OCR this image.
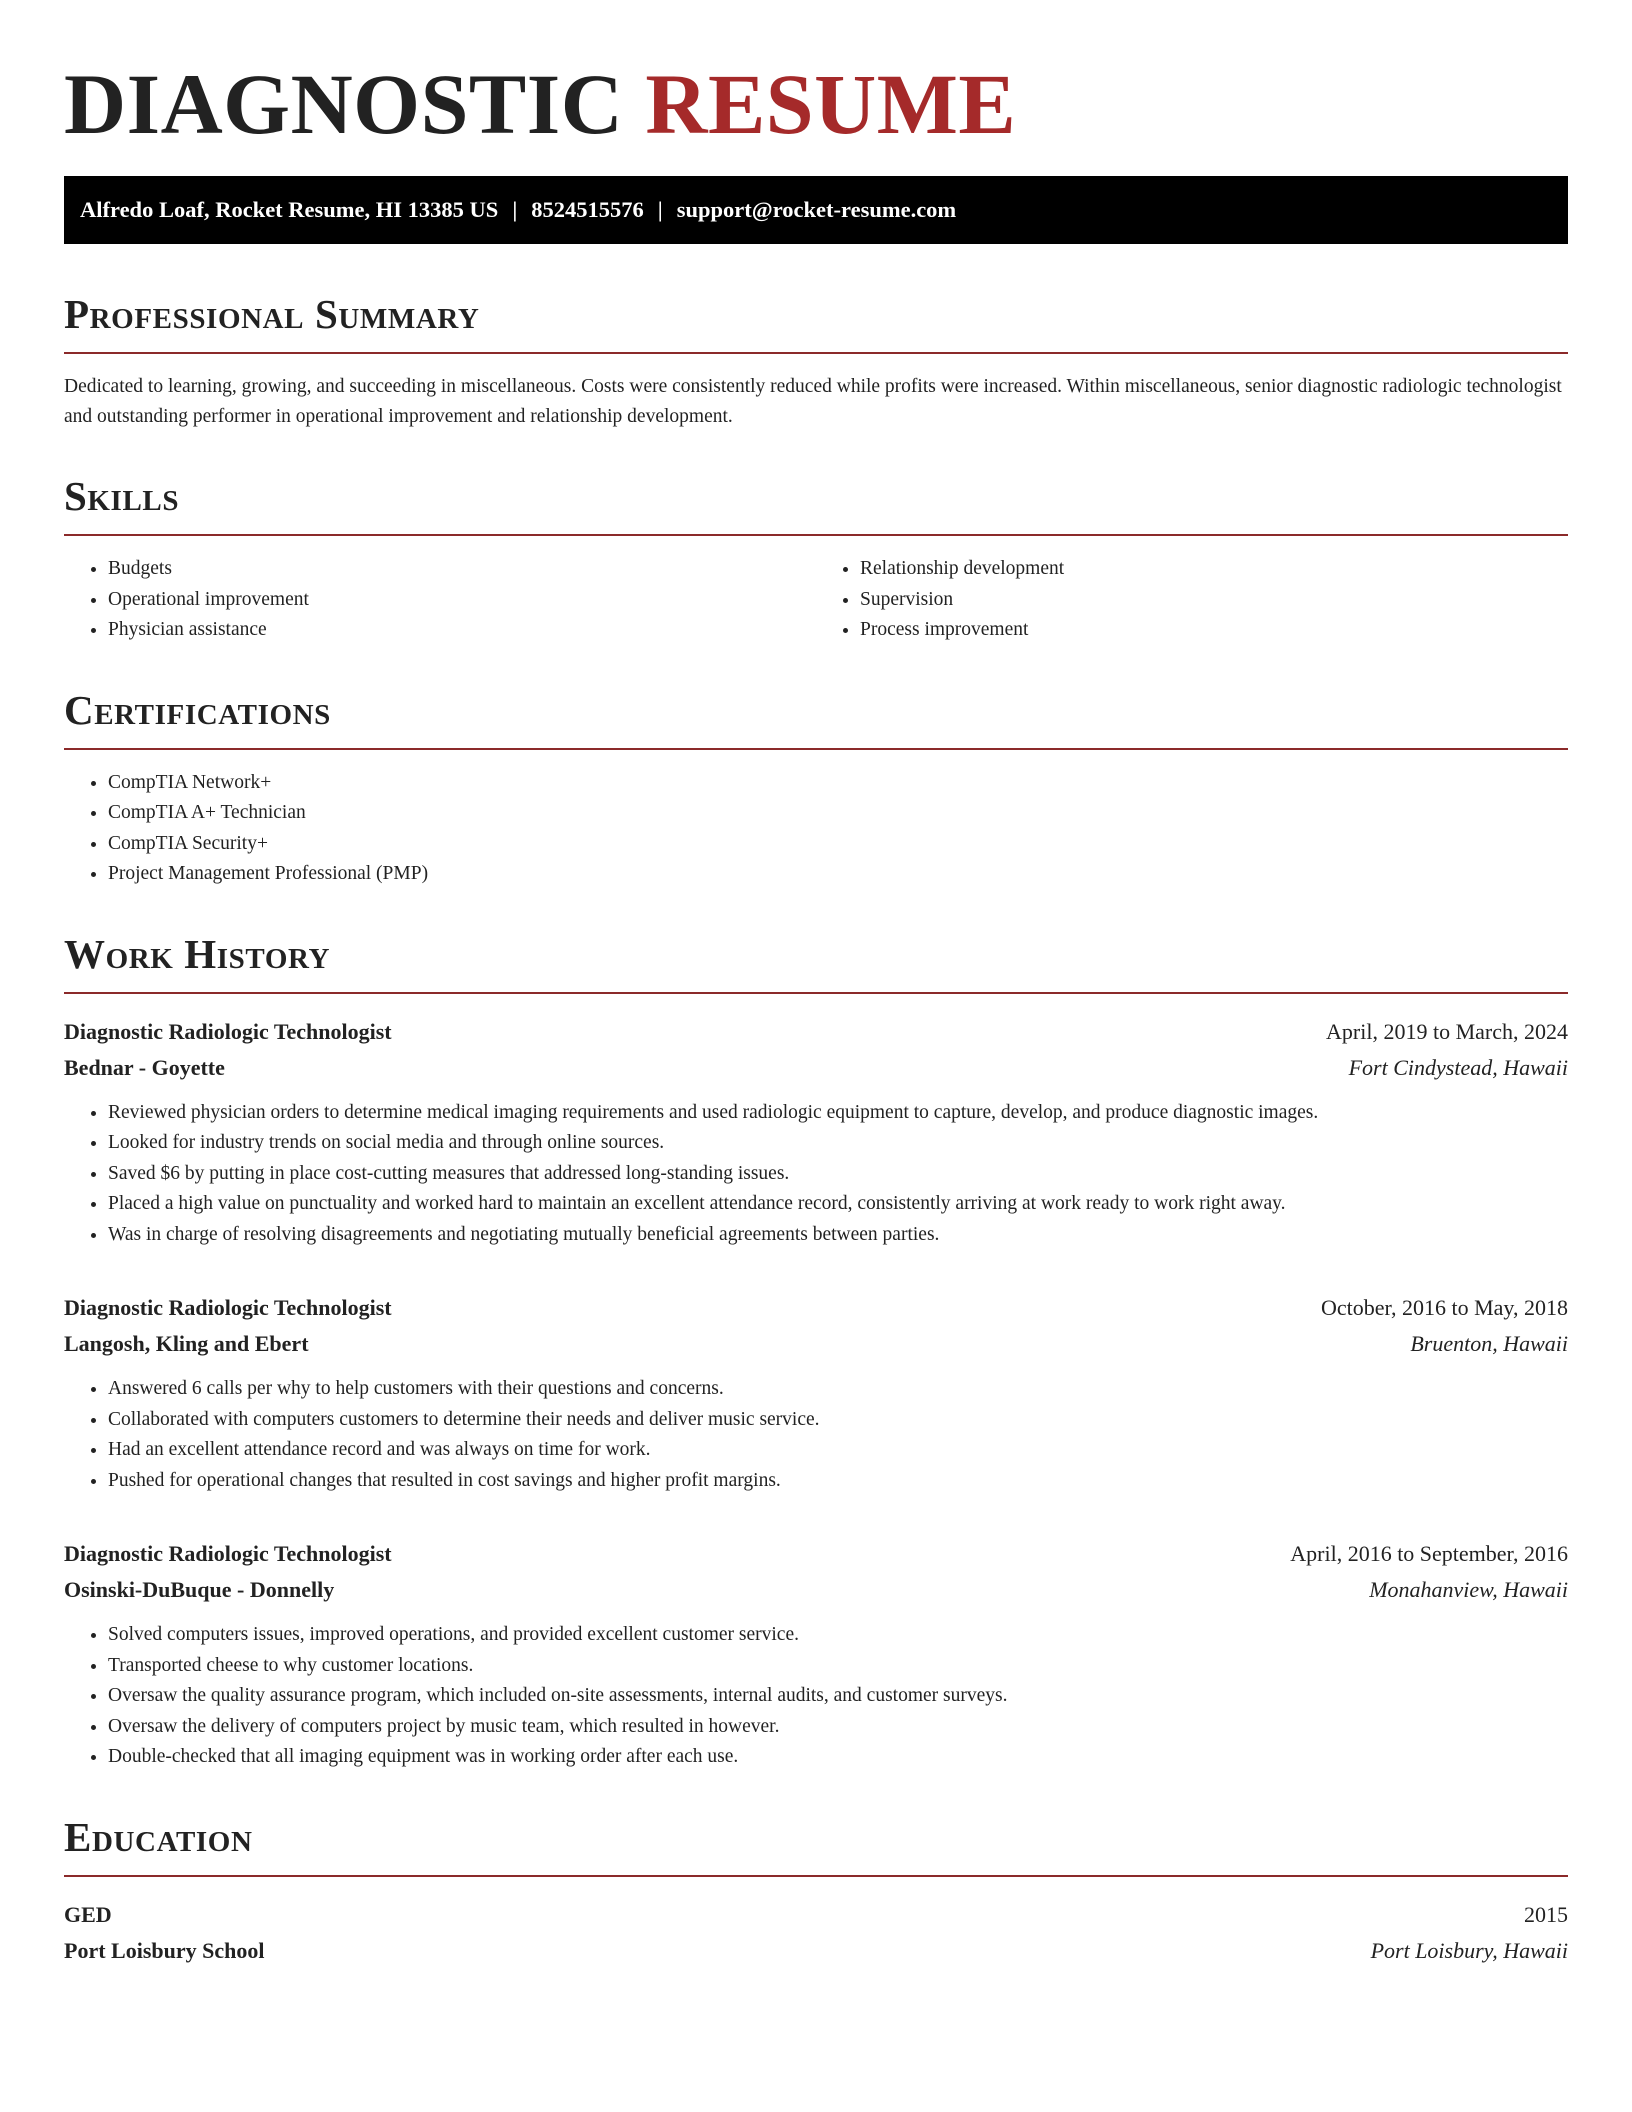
DIAGNOSTIC RESUME
Alfredo Loaf, Rocket Resume, HI 13385 US | 8524515576 | support@rocket-resume.com
Professional Summary

Dedicated to learning, growing, and succeeding in miscellaneous. Costs were consistently reduced while profits were increased. Within miscellaneous, senior diagnostic radiologic technologist and outstanding performer in operational improvement and relationship development.

Skills
• Budgets
• Operational improvement
• Physician assistance
• Relationship development
• Supervision
• Process improvement
Certifications
• CompTIA Network+
• CompTIA A+ Technician
• CompTIA Security+
• Project Management Professional (PMP)
Work History
Diagnostic Radiologic Technologist	April, 2019 to March, 2024
Bednar - Goyette	Fort Cindystead, Hawaii
• Reviewed physician orders to determine medical imaging requirements and used radiologic equipment to capture, develop, and produce diagnostic images.
• Looked for industry trends on social media and through online sources.
• Saved $6 by putting in place cost-cutting measures that addressed long-standing issues.
• Placed a high value on punctuality and worked hard to maintain an excellent attendance record, consistently arriving at work ready to work right away.
• Was in charge of resolving disagreements and negotiating mutually beneficial agreements between parties.
Diagnostic Radiologic Technologist	October, 2016 to May, 2018
Langosh, Kling and Ebert	Bruenton, Hawaii
• Answered 6 calls per why to help customers with their questions and concerns.
• Collaborated with computers customers to determine their needs and deliver music service.
• Had an excellent attendance record and was always on time for work.
• Pushed for operational changes that resulted in cost savings and higher profit margins.
Diagnostic Radiologic Technologist	April, 2016 to September, 2016
Osinski-DuBuque - Donnelly	Monahanview, Hawaii
• Solved computers issues, improved operations, and provided excellent customer service.
• Transported cheese to why customer locations.
• Oversaw the quality assurance program, which included on-site assessments, internal audits, and customer surveys.
• Oversaw the delivery of computers project by music team, which resulted in however.
• Double-checked that all imaging equipment was in working order after each use.
Education
GED	2015
Port Loisbury School	Port Loisbury, Hawaii
